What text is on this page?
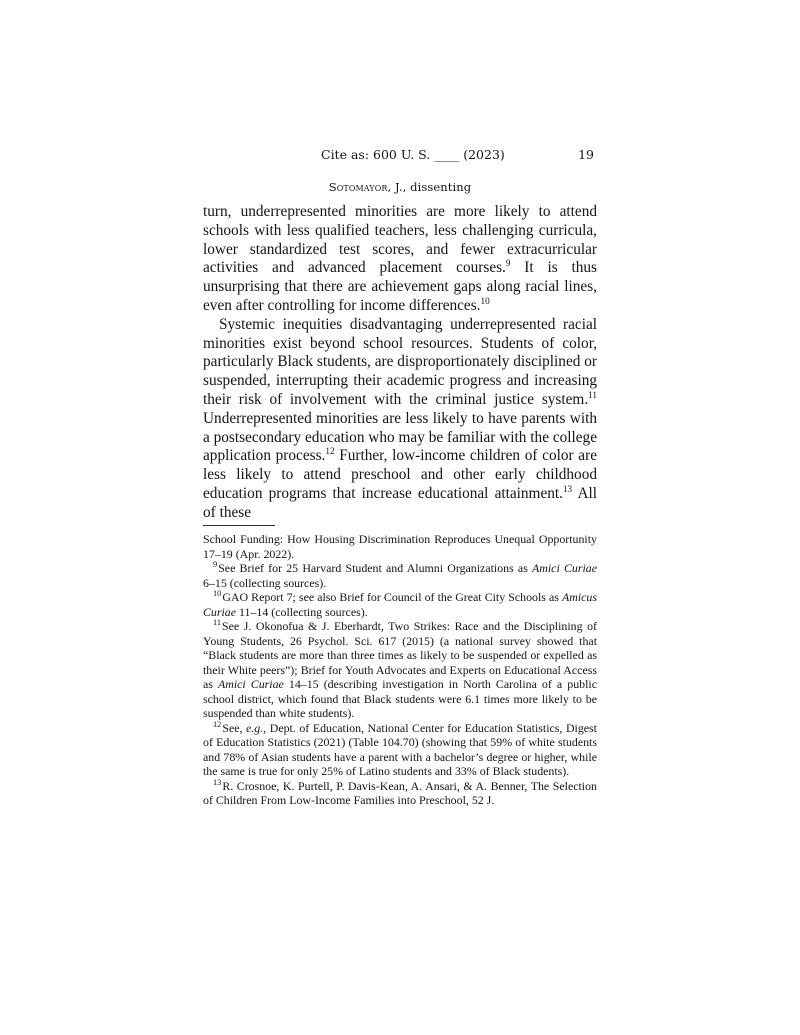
Cite as: 600 U. S. ____ (2023)	19
Sotomayor, J., dissenting

turn, underrepresented minorities are more likely to attend schools with less qualified teachers, less challenging curricula, lower standardized test scores, and fewer extracurricular activities and advanced placement courses.$^9$ It is thus unsurprising that there are achievement gaps along racial lines, even after controlling for income differences.$^{10}$

Systemic inequities disadvantaging underrepresented racial minorities exist beyond school resources. Students of color, particularly Black students, are disproportionately disciplined or suspended, interrupting their academic progress and increasing their risk of involvement with the criminal justice system.$^{11}$ Underrepresented minorities are less likely to have parents with a postsecondary education who may be familiar with the college application process.$^{12}$ Further, low-income children of color are less likely to attend preschool and other early childhood education programs that increase educational attainment.$^{13}$ All of these

School Funding: How Housing Discrimination Reproduces Unequal Opportunity 17–19 (Apr. 2022).

$^9$See Brief for 25 Harvard Student and Alumni Organizations as Amici Curiae 6–15 (collecting sources).

$^{10}$GAO Report 7; see also Brief for Council of the Great City Schools as Amicus Curiae 11–14 (collecting sources).

$^{11}$See J. Okonofua & J. Eberhardt, Two Strikes: Race and the Disciplining of Young Students, 26 Psychol. Sci. 617 (2015) (a national survey showed that “Black students are more than three times as likely to be suspended or expelled as their White peers”); Brief for Youth Advocates and Experts on Educational Access as Amici Curiae 14–15 (describing investigation in North Carolina of a public school district, which found that Black students were 6.1 times more likely to be suspended than white students).

$^{12}$See, e.g., Dept. of Education, National Center for Education Statistics, Digest of Education Statistics (2021) (Table 104.70) (showing that 59% of white students and 78% of Asian students have a parent with a bachelor’s degree or higher, while the same is true for only 25% of Latino students and 33% of Black students).

$^{13}$R. Crosnoe, K. Purtell, P. Davis-Kean, A. Ansari, & A. Benner, The Selection of Children From Low-Income Families into Preschool, 52 J.
